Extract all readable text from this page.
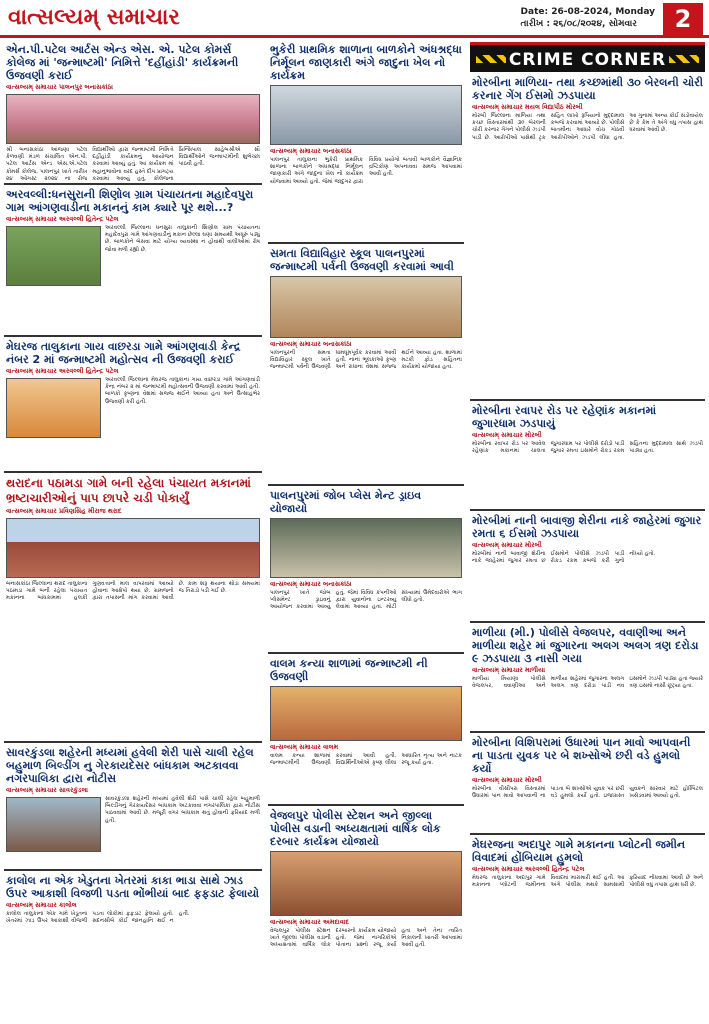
વાત્સલ્યમ્ સમાચાર	Date: 26-08-2024, Monday
તારીખ : ૨૬/૦૮/૨૦૨૪, સોમવાર	2
એન.પી.પટેલ આર્ટસ એન્ડ એસ. એ. પટેલ કોમર્સ કોલેજ માં 'જન્માષ્ટમી' નિમિત્તે 'દહીંહાંડી' કાર્યક્રમની ઉજવણી કરાઈ
વાત્સલ્યમ્ સમાચાર પાલનપુર બનાસકાંઠા
શ્રી બનાસકાંઠા આંજણા પટેલ કેળવણી મંડળ સંચાલિત એન.પી. પટેલ આર્ટસ એન્ડ એસ.એ.પટેલ કોમર્સ કોલેજ, પાલનપુર ખાતે તારીખ ૨૪ ઓગસ્ટ ૨૦૨૪ ના રોજ વિદ્યાર્થીઓ દ્વારા જન્માષ્ટમી નિમિત્તે દહીંહાંડી કાર્યક્રમનું આયોજન કરવામાં આવ્યું હતું. આ કાર્યક્રમ માં મહાનુભાવોના વરદ હસ્તે દીપ પ્રાગટ્ય કરવામાં આવ્યું હતું. કોલેજના પ્રિન્સિપાલ સાહેબશ્રીએ સૌ વિદ્યાર્થીઓને જન્માષ્ટમીની શુભેચ્છા પાઠવી હતી.
અરવલ્લી:ધનસુરાની શિણોલ ગ્રામ પંચાયતના મહાદેવપુરા ગામ આંગણવાડીના મકાનનું કામ ક્યારે પૂર થશે...?
વાત્સલ્યમ્ સમાચાર અરવલ્લી હિતેન્દ્ર પટેલ
અરવલ્લી જિલ્લાના ધનસુરા તાલુકાની શિણોલ ગ્રામ પંચાયતના મહાદેવપુરા ગામે આંગણવાડીનું મકાન છેલ્લા ઘણા સમયથી અધૂરું પડ્યું છે. બાળકોને બેસવા માટે યોગ્ય વ્યવસ્થા ન હોવાથી વાલીઓમાં રોષ જોવા મળી રહ્યો છે.
મેઘરજ તાલુકાના ગાય વાછરડા ગામે આંગણવાડી કેન્દ્ર નંબર 2 માં જન્માષ્ટમી મહોત્સવ ની ઉજવણી કરાઈ
વાત્સલ્યમ્ સમાચાર અરવલ્લી હિતેન્દ્ર પટેલ
અરવલ્લી જિલ્લાના મેઘરજ તાલુકાના ગાય વાછરડા ગામે આંગણવાડી કેન્દ્ર નંબર ૨ માં જન્માષ્ટમી મહોત્સવની ઉજવણી કરવામાં આવી હતી. બાળકો કૃષ્ણના વેશમાં સજ્જ થઈને આવ્યા હતા અને ઉત્સાહભેર ઉજવણી કરી હતી.
થરાદના પઠામડા ગામે બની રહેલા પંચાયત મકાનમાં ભ્રષ્ટાચારીઓનું પાપ છાપરે ચડી પોકાર્યું
વાત્સલ્યમ્ સમાચાર પ્રવિણસિંહ મીરાજ થરાદ
બનાસકાંઠા જિલ્લાના થરાદ તાલુકાના પઠામડા ગામે બની રહેલા પંચાયત મકાનના બાંધકામમાં હલકી ગુણવત્તાનો માલ વાપરવામાં આવ્યો હોવાના આક્ષેપો થયા છે. ગ્રામજનો દ્વારા તપાસની માંગ કરવામાં આવી છે. કામ શરૂ થયાના થોડા સમયમાં જ તિરાડો પડી ગઈ છે.
સાવરકુંડલા શહેરની મધ્યમાં હવેલી શેરી પાસે ચાલી રહેલ બહુમાળ બિલ્ડીંગ નુ ગેરકાયદેસર બાંધકામ અટકાવવા નગરપાલિકા દ્વારા નોટીસ
વાત્સલ્યમ્ સમાચાર સાવરકુંડલા
સાવરકુંડલા શહેરની મધ્યમાં હવેલી શેરી પાસે ચાલી રહેલ બહુમાળી બિલ્ડીંગનું ગેરકાયદેસર બાંધકામ અટકાવવા નગરપાલિકા દ્વારા નોટીસ પાઠવવામાં આવી છે. મંજૂરી વગર બાંધકામ થતું હોવાની ફરિયાદ મળી હતી.
કાલોલ ના એક ખેડુતના ખેતરમાં કાકા ભાડા સાથે ઝાડ ઉપર આકાશી વિજળી પડતા ભોંભીયાં બાદ ફફડાટ ફેલાયો
વાત્સલ્યમ્ સમાચાર કાલોલ
કાલોલ તાલુકાના એક ગામે ખેડૂતના ખેતરમાં ઝાડ ઉપર આકાશી વીજળી પડતા લોકોમાં ફફડાટ ફેલાયો હતો. સદનસીબે કોઈ જાનહાનિ થઈ ન હતી.
ભુકેરી પ્રાથમિક શાળાના બાળકોને અંધશ્રદ્ધા નિર્મૂલન જાણકારી અંગે જાદુના ખેલ નો કાર્યક્રમ
વાત્સલ્યમ્ સમાચાર બનાસકાંઠા
પાલનપુર તાલુકાના ભુકેરી પ્રાથમિક શાળાના બાળકોને અંધશ્રદ્ધા નિર્મૂલન જાણકારી અંગે જાદુના ખેલ નો કાર્યક્રમ યોજવામાં આવ્યો હતો. જેમાં જાદુગર દ્વારા વિવિધ પ્રયોગો બતાવી બાળકોને વૈજ્ઞાનિક દ્રષ્ટિકોણ અપનાવવા સમજ આપવામાં આવી હતી.
સમતા વિદ્યાવિહાર સ્કૂલ પાલનપુરમાં જન્માષ્ટમી પર્વની ઉજવણી કરવામાં આવી
વાત્સલ્યમ્ સમાચાર બનાસકાંઠા
પાલનપુરની સમતા વિદ્યાવિહાર સ્કૂલ ખાતે જન્માષ્ટમી પર્વની ઉજવણી ધામધૂમપૂર્વક કરવામાં આવી હતી. નાના ભૂલકાઓ કૃષ્ણ અને રાધાના વેશમાં સજ્જ થઈને આવ્યા હતા. શાળામાં મટકી ફોડ સહિતના કાર્યક્રમો યોજાયા હતા.
પાલનપુરમાં જોબ પ્લેસ મેન્ટ ડ્રાઇવ યોજાયો
વાત્સલ્યમ્ સમાચાર બનાસકાંઠા
પાલનપુર ખાતે જોબ પ્લેસમેન્ટ ડ્રાઇવનું આયોજન કરવામાં આવ્યું હતું. જેમાં વિવિધ કંપનીઓ દ્વારા યુવાનોના ઇન્ટરવ્યુ લેવામાં આવ્યા હતા. મોટી સંખ્યામાં ઉમેદવારોએ ભાગ લીધો હતો.
વાલમ કન્યા શાળામાં જન્માષ્ટમી ની ઉજવણી
વાત્સલ્યમ્ સમાચાર વાલમ
વાલમ કન્યા શાળામાં જન્માષ્ટમીની ઉજવણી કરવામાં આવી હતી. વિદ્યાર્થિનીઓએ કૃષ્ણ લીલા આધારિત નૃત્ય અને નાટક રજૂ કર્યા હતા.
વેજલપુર પોલીસ સ્ટેશન અને જીલ્લા પોલીસ વડાની અધ્યક્ષતામાં વાર્ષિક લોક દરબાર કાર્યક્રમ યોજાયો
વાત્સલ્યમ્ સમાચાર અમદાવાદ
વેજલપુર પોલીસ સ્ટેશન ખાતે જીલ્લા પોલીસ વડાની અધ્યક્ષતામાં વાર્ષિક લોક દરબારનો કાર્યક્રમ યોજાયો હતો. જેમાં નાગરિકોએ પોતાના પ્રશ્નો રજૂ કર્યા હતા અને તેના ત્વરિત નિકાલની ખાતરી આપવામાં આવી હતી.
CRIME CORNER
મોરબીના માળિયા- તથા કચ્છમાંથી ૩૦ બેરલની ચોરી કરનાર ગેંગ ઈસમો ઝડપાયા
વાત્સલ્યમ્ સમાચાર મયલ વિદ્યાપીઠ મોરબી
મોરબી જિલ્લાના માળિયા તથા કચ્છ વિસ્તારમાંથી ૩૦ બેરલની ચોરી કરનાર ગેંગને પોલીસે ઝડપી પાડી છે. આરોપીઓ પાસેથી ટ્રક સહિત લાખો રૂપિયાનો મુદ્દામાલ કબજે કરવામાં આવ્યો છે. પોલીસે બાતમીના આધારે વોચ ગોઠવી આરોપીઓને ઝડપી લીધા હતા. આ ગુનામાં અન્ય કોઈ સંડોવાયેલ છે કે કેમ તે અંગે વધુ તપાસ હાથ ધરવામાં આવી છે.
મોરબીના રવાપર રોડ પર રહેણાંક મકાનમાં જુગારધામ ઝડપાયું
વાત્સલ્યમ્ સમાચાર મોરબી
મોરબીના રવાપર રોડ પર આવેલ રહેણાંક મકાનમાં ચાલતા જુગારધામ પર પોલીસે દરોડો પાડી જુગાર રમતા ઇસમોને રોકડ રકમ સહિતના મુદ્દામાલ સાથે ઝડપી પાડ્યા હતા.
મોરબીમાં નાની બાવાજી શેરીના નાકે જાહેરમાં જુગાર રમતા ૬ ઈસમો ઝડપાયા
વાત્સલ્યમ્ સમાચાર મોરબી
મોરબીમાં નાની બાવાજી શેરીના નાકે જાહેરમાં જુગાર રમતા છ ઈસમોને પોલીસે ઝડપી પાડી રોકડ રકમ કબજે કરી ગુનો નોંધ્યો હતો.
માળીયા (મી.) પોલીસે વેજલપર, વવાણીઆ અને માળીયા શહેર માં જુગારના અલગ અલગ ત્રણ દરોડા ૯ ઝડપાયા ૩ નાસી ગયા
વાત્સલ્યમ્ સમાચાર માળીયા
માળીયા મિયાણા પોલીસે વેજલપર, વવાણીઆ અને માળીયા શહેરમાં જુગારના અલગ અલગ ત્રણ દરોડા પાડી નવ ઇસમોને ઝડપી પાડ્યા હતા જ્યારે ત્રણ ઇસમો નાસી છૂટ્યા હતા.
મોરબીના વિશિપરામાં ઉધારમાં પાન માવો આપવાની ના પાડતા યુવક પર બે શખ્સોએ છરી વડે હુમલો કર્યો
વાત્સલ્યમ્ સમાચાર મોરબી
મોરબીના વીસીપરા વિસ્તારમાં ઉધારમાં પાન માવો આપવાની ના પાડતા બે શખ્સોએ યુવક પર છરી વડે હુમલો કર્યો હતો. ઇજાગ્રસ્ત યુવકને સારવાર માટે હોસ્પિટલ ખસેડવામાં આવ્યો હતો.
મેઘરજના અદાપુર ગામે મકાનના પ્લોટની જમીન વિવાદમાં હોંબિયામ હુમલો
વાત્સલ્યમ્ સમાચાર અરવલ્લી હિતેન્દ્ર પટેલ
મેઘરજ તાલુકાના અદાપુર ગામે મકાનના પ્લોટની જમીનના વિવાદમાં મારામારી થઈ હતી. આ અંગે પોલીસ મથકે સામસામી ફરિયાદ નોંધવામાં આવી છે અને પોલીસે વધુ તપાસ હાથ ધરી છે.
